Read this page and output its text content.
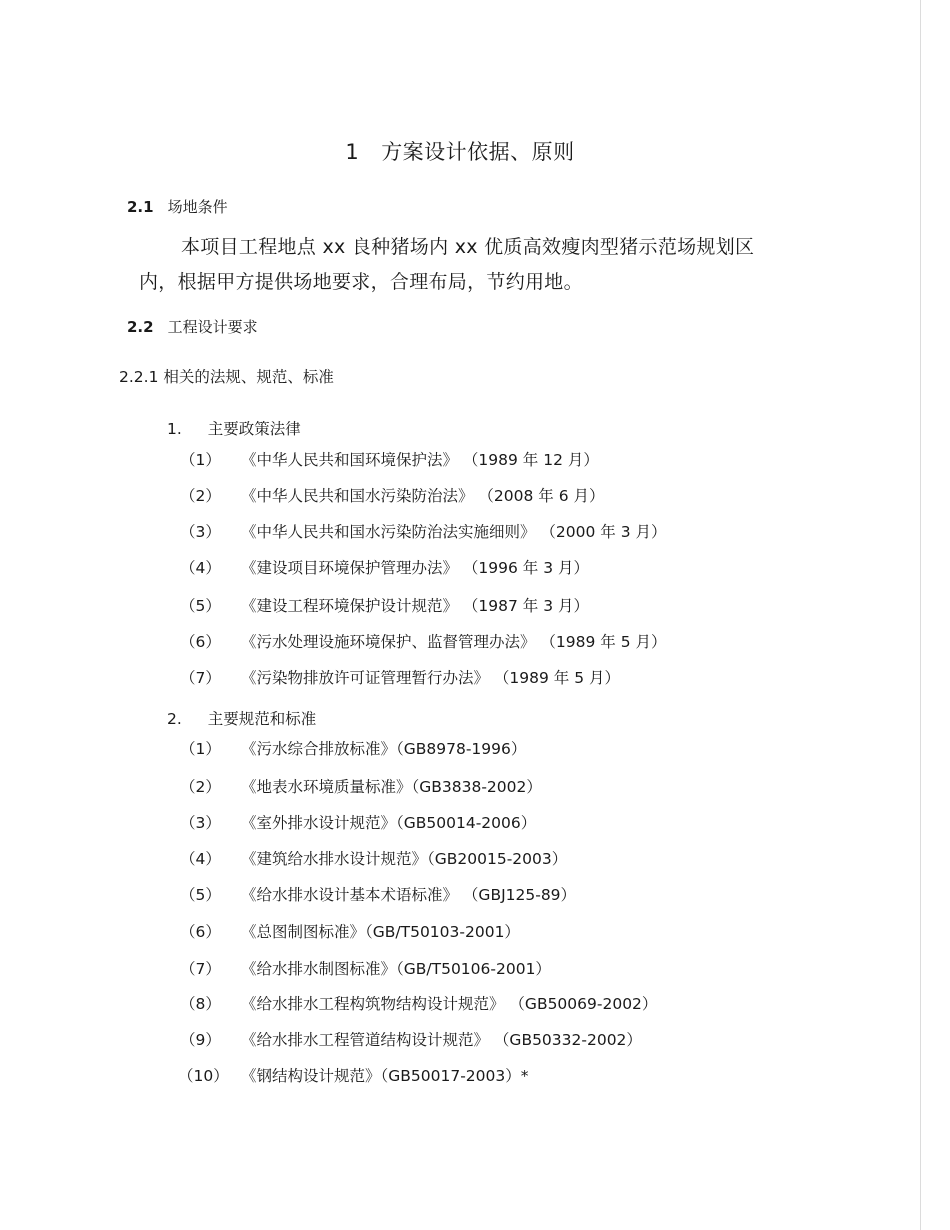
1 方案设计依据、原则
2.1 场地条件
本项目工程地点 xx 良种猪场内 xx 优质高效瘦肉型猪示范场规划区
内，根据甲方提供场地要求，合理布局，节约用地。
2.2 工程设计要求
2.2.1 相关的法规、规范、标准
1. 主要政策法律
（1） 《中华人民共和国环境保护法》 （1989 年 12 月）
（2） 《中华人民共和国水污染防治法》 （2008 年 6 月）
（3） 《中华人民共和国水污染防治法实施细则》 （2000 年 3 月）
（4） 《建设项目环境保护管理办法》 （1996 年 3 月）
（5） 《建设工程环境保护设计规范》 （1987 年 3 月）
（6） 《污水处理设施环境保护、监督管理办法》 （1989 年 5 月）
（7） 《污染物排放许可证管理暂行办法》 （1989 年 5 月）
2. 主要规范和标准
（1） 《污水综合排放标准》（GB8978-1996）
（2） 《地表水环境质量标准》（GB3838-2002）
（3） 《室外排水设计规范》（GB50014-2006）
（4） 《建筑给水排水设计规范》（GB20015-2003）
（5） 《给水排水设计基本术语标准》 （GBJ125-89）
（6） 《总图制图标准》（GB/T50103-2001）
（7） 《给水排水制图标准》（GB/T50106-2001）
（8） 《给水排水工程构筑物结构设计规范》 （GB50069-2002）
（9） 《给水排水工程管道结构设计规范》 （GB50332-2002）
（10） 《钢结构设计规范》（GB50017-2003）*
